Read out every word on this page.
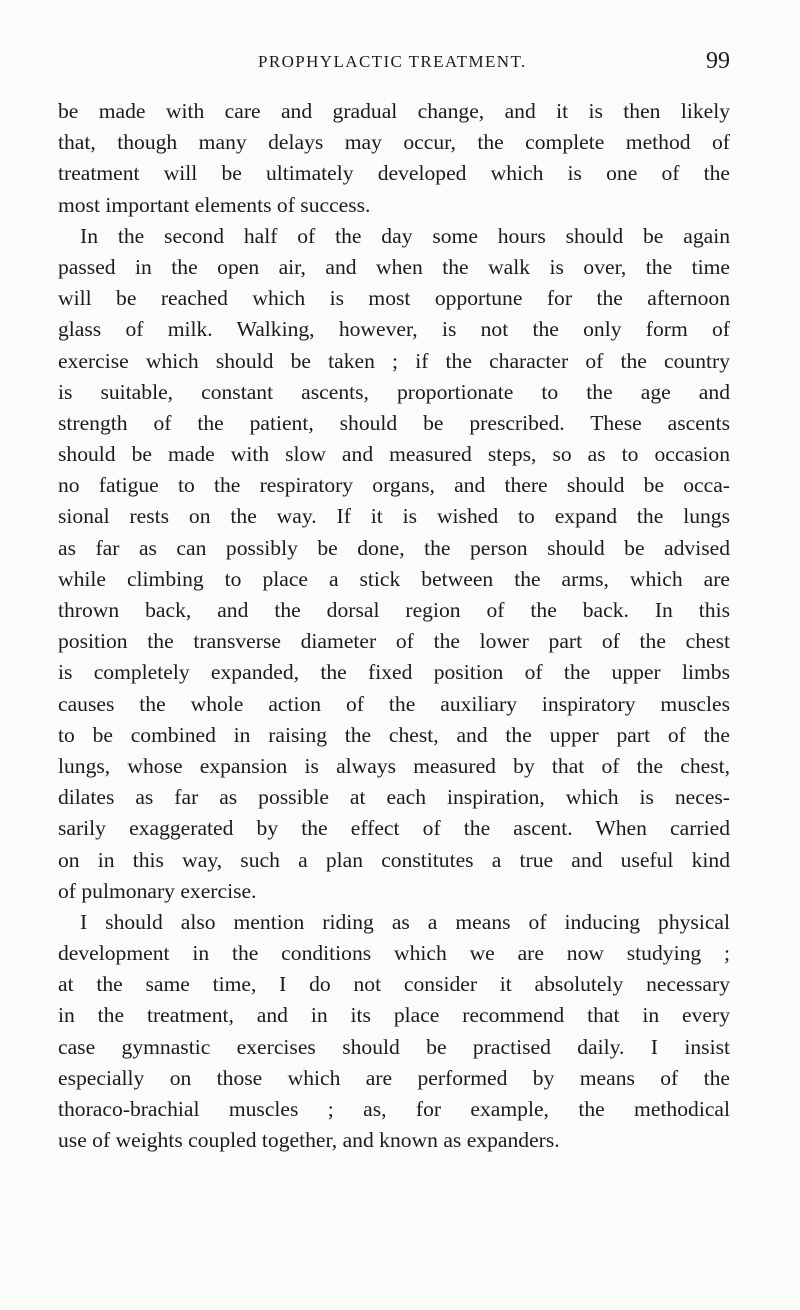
PROPHYLACTIC TREATMENT.	99
be made with care and gradual change, and it is then likely
that, though many delays may occur, the complete method of
treatment will be ultimately developed which is one of the
most important elements of success.
In the second half of the day some hours should be again
passed in the open air, and when the walk is over, the time
will be reached which is most opportune for the afternoon
glass of milk. Walking, however, is not the only form of
exercise which should be taken ; if the character of the country
is suitable, constant ascents, proportionate to the age and
strength of the patient, should be prescribed. These ascents
should be made with slow and measured steps, so as to occasion
no fatigue to the respiratory organs, and there should be occa-
sional rests on the way. If it is wished to expand the lungs
as far as can possibly be done, the person should be advised
while climbing to place a stick between the arms, which are
thrown back, and the dorsal region of the back. In this
position the transverse diameter of the lower part of the chest
is completely expanded, the fixed position of the upper limbs
causes the whole action of the auxiliary inspiratory muscles
to be combined in raising the chest, and the upper part of the
lungs, whose expansion is always measured by that of the chest,
dilates as far as possible at each inspiration, which is neces-
sarily exaggerated by the effect of the ascent. When carried
on in this way, such a plan constitutes a true and useful kind
of pulmonary exercise.
I should also mention riding as a means of inducing physical
development in the conditions which we are now studying ;
at the same time, I do not consider it absolutely necessary
in the treatment, and in its place recommend that in every
case gymnastic exercises should be practised daily. I insist
especially on those which are performed by means of the
thoraco-brachial muscles ; as, for example, the methodical
use of weights coupled together, and known as expanders.
